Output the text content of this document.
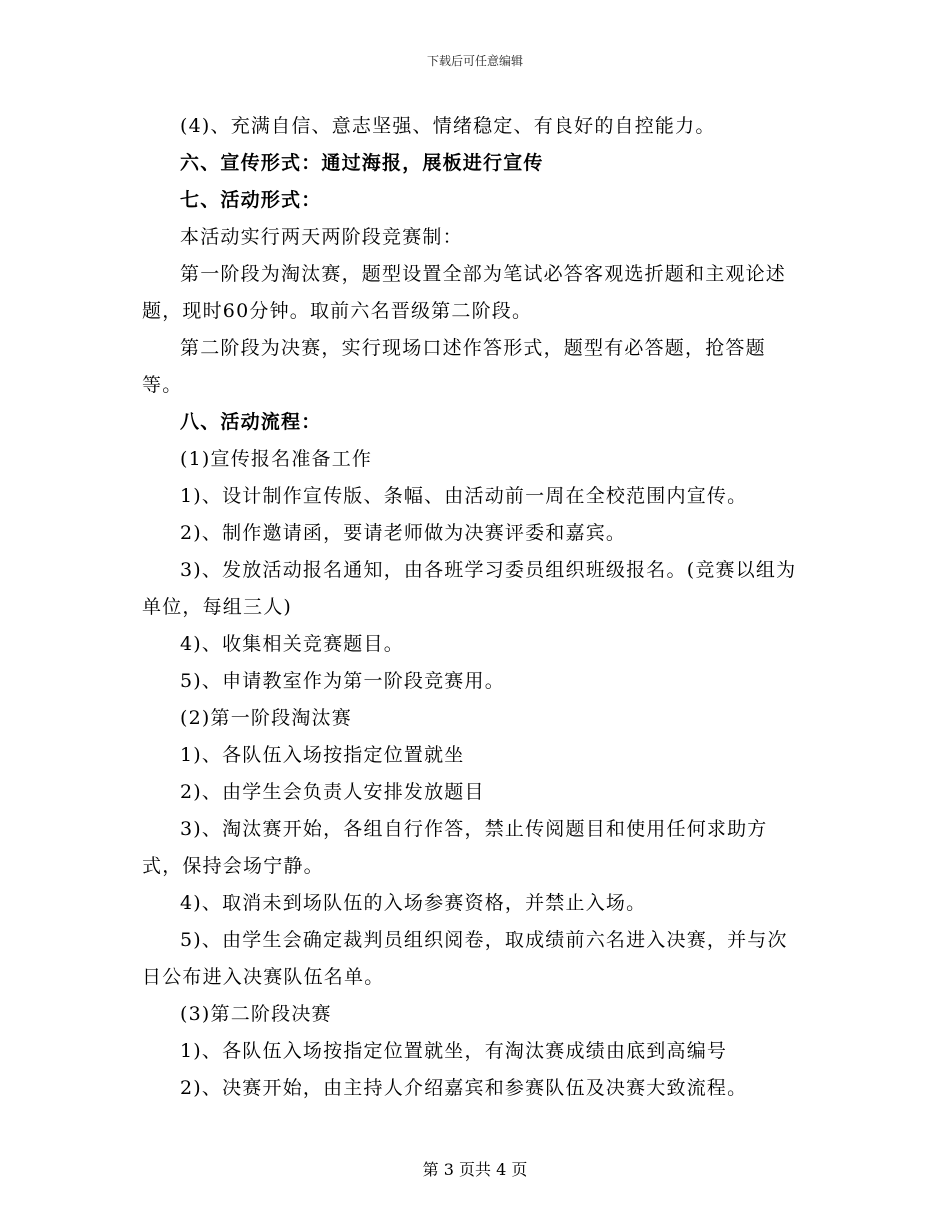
下载后可任意编辑

(4)、充满自信、意志坚强、情绪稳定、有良好的自控能力。

六、宣传形式：通过海报，展板进行宣传

七、活动形式：

本活动实行两天两阶段竞赛制：

第一阶段为淘汰赛，题型设置全部为笔试必答客观选折题和主观论述题，现时60分钟。取前六名晋级第二阶段。

第二阶段为决赛，实行现场口述作答形式，题型有必答题，抢答题等。

八、活动流程：

(1)宣传报名准备工作

1)、设计制作宣传版、条幅、由活动前一周在全校范围内宣传。

2)、制作邀请函，要请老师做为决赛评委和嘉宾。

3)、发放活动报名通知，由各班学习委员组织班级报名。(竞赛以组为单位，每组三人)

4)、收集相关竞赛题目。

5)、申请教室作为第一阶段竞赛用。

(2)第一阶段淘汰赛

1)、各队伍入场按指定位置就坐

2)、由学生会负责人安排发放题目

3)、淘汰赛开始，各组自行作答，禁止传阅题目和使用任何求助方式，保持会场宁静。

4)、取消未到场队伍的入场参赛资格，并禁止入场。

5)、由学生会确定裁判员组织阅卷，取成绩前六名进入决赛，并与次日公布进入决赛队伍名单。

(3)第二阶段决赛

1)、各队伍入场按指定位置就坐，有淘汰赛成绩由底到高编号

2)、决赛开始，由主持人介绍嘉宾和参赛队伍及决赛大致流程。

第 3 页共 4 页
